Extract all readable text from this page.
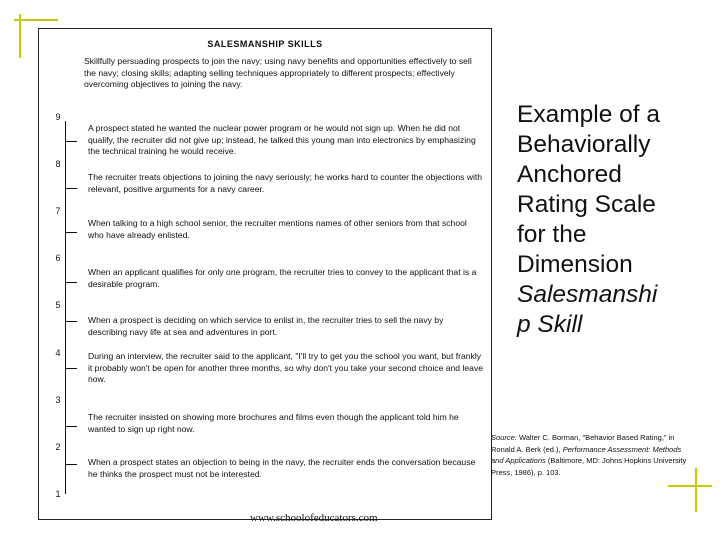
SALESMANSHIP SKILLS
Skillfully persuading prospects to join the navy; using navy benefits and opportunities effectively to sell the navy; closing skills; adapting selling techniques appropriately to different prospects; effectively overcoming objectives to joining the navy.
9
8
7
6
5
4
3
2
1
A prospect stated he wanted the nuclear power program or he would not sign up. When he did not qualify, the recruiter did not give up; instead, he talked this young man into electronics by emphasizing the technical training he would receive.
The recruiter treats objections to joining the navy seriously; he works hard to counter the objections with relevant, positive arguments for a navy career.
When talking to a high school senior, the recruiter mentions names of other seniors from that school who have already enlisted.
When an applicant qualifies for only one program, the recruiter tries to convey to the applicant that is a desirable program.
When a prospect is deciding on which service to enlist in, the recruiter tries to sell the navy by describing navy life at sea and adventures in port.
During an interview, the recruiter said to the applicant, "I'll try to get you the school you want, but frankly it probably won't be open for another three months, so why don't you take your second choice and leave now.
The recruiter insisted on showing more brochures and films even though the applicant told him he wanted to sign up right now.
When a prospect states an objection to being in the navy, the recruiter ends the conversation because he thinks the prospect must not be interested.
www.schoolofeducators.com
Example of a
Behaviorally
Anchored
Rating Scale
for the
Dimension
Salesmanshi
p Skill
Source: Walter C. Borman, "Behavior Based Rating," in Ronald A. Berk (ed.), Performance Assessment: Methods and Applications (Baltimore, MD: Johns Hopkins University Press, 1986), p. 103.
